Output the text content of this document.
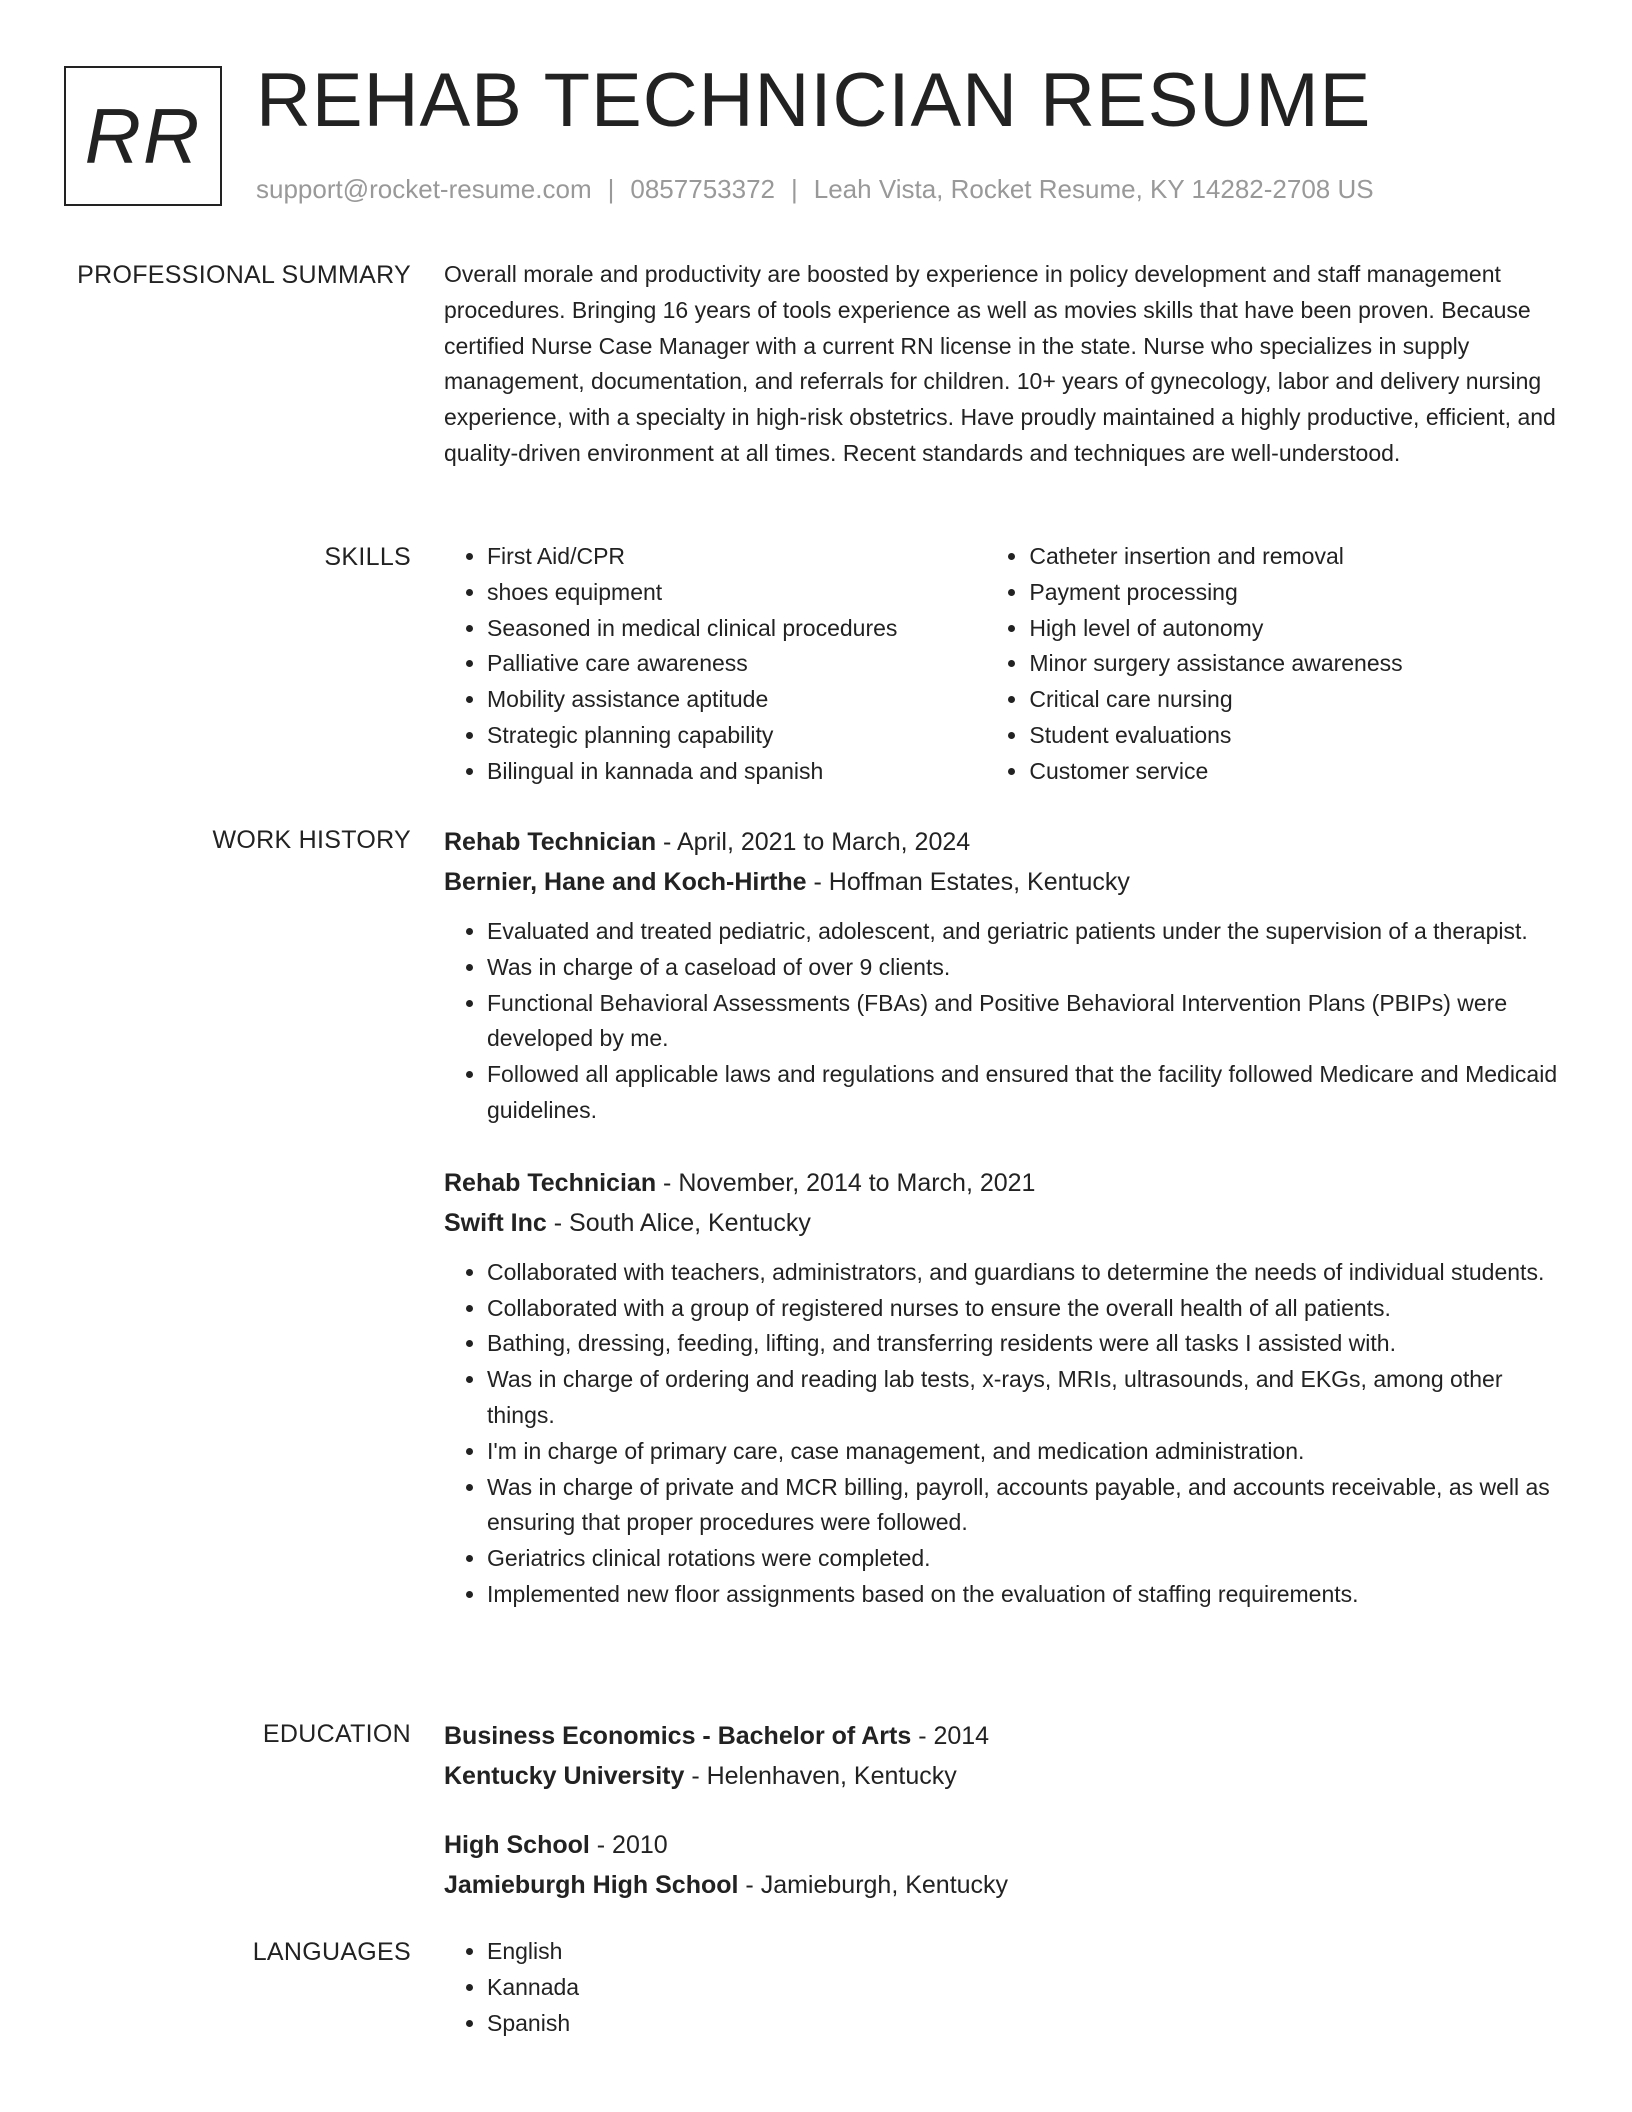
RR REHAB TECHNICIAN RESUME
support@rocket-resume.com | 0857753372 | Leah Vista, Rocket Resume, KY 14282-2708 US
PROFESSIONAL SUMMARY Overall morale and productivity are boosted by experience in policy development and staff management procedures. Bringing 16 years of tools experience as well as movies skills that have been proven. Because certified Nurse Case Manager with a current RN license in the state. Nurse who specializes in supply management, documentation, and referrals for children. 10+ years of gynecology, labor and delivery nursing experience, with a specialty in high-risk obstetrics. Have proudly maintained a highly productive, efficient, and quality-driven environment at all times. Recent standards and techniques are well-understood.
SKILLS	• First Aid/CPR
• shoes equipment
• Seasoned in medical clinical procedures
• Palliative care awareness
• Mobility assistance aptitude
• Strategic planning capability
• Bilingual in kannada and spanish
• Catheter insertion and removal
• Payment processing
• High level of autonomy
• Minor surgery assistance awareness
• Critical care nursing
• Student evaluations
• Customer service
WORK HISTORY Rehab Technician - April, 2021 to March, 2024
Bernier, Hane and Koch-Hirthe - Hoffman Estates, Kentucky
• Evaluated and treated pediatric, adolescent, and geriatric patients under the supervision of a therapist.
• Was in charge of a caseload of over 9 clients.
• Functional Behavioral Assessments (FBAs) and Positive Behavioral Intervention Plans (PBIPs) were developed by me.
• Followed all applicable laws and regulations and ensured that the facility followed Medicare and Medicaid guidelines.
Rehab Technician - November, 2014 to March, 2021
Swift Inc - South Alice, Kentucky
• Collaborated with teachers, administrators, and guardians to determine the needs of individual students.
• Collaborated with a group of registered nurses to ensure the overall health of all patients.
• Bathing, dressing, feeding, lifting, and transferring residents were all tasks I assisted with.
• Was in charge of ordering and reading lab tests, x-rays, MRIs, ultrasounds, and EKGs, among other things.
• I'm in charge of primary care, case management, and medication administration.
• Was in charge of private and MCR billing, payroll, accounts payable, and accounts receivable, as well as ensuring that proper procedures were followed.
• Geriatrics clinical rotations were completed.
• Implemented new floor assignments based on the evaluation of staffing requirements.
EDUCATION Business Economics - Bachelor of Arts - 2014
Kentucky University - Helenhaven, Kentucky
High School - 2010
Jamieburgh High School - Jamieburgh, Kentucky
LANGUAGES	• English
• Kannada
• Spanish
